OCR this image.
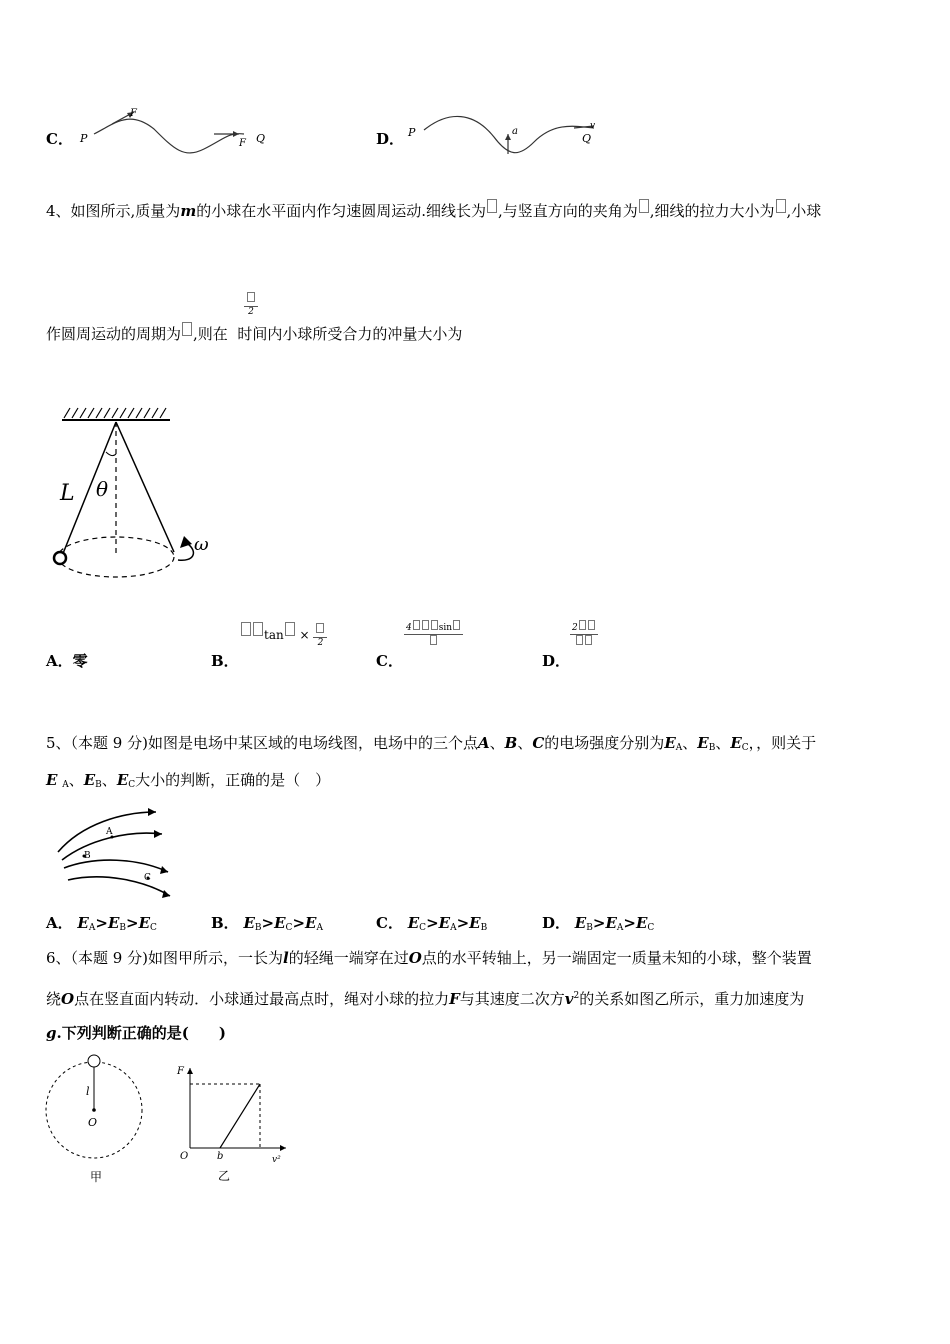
C． P
F
F Q	D． P	a	v
Q
4、如图所示,质量为m的小球在水平面内作匀速圆周运动.细线长为 ,与竖直方向的夹角为 ,细线的拉力大小为 ,小球
作圆周运动的周期为 ,则在 时间内小球所受合力的冲量大小为
2
L θ
ω
A．零	B．
tan ×
2
C．
4	sin
D．
2
5、（本题 9 分)如图是电场中某区域的电场线图，电场中的三个点A、B、C的电场强度分别为$E_A$、$E_B$、$E_C$，，则关于
E $_A$、$E_B$、$E_C$大小的判断，正确的是（　）
A
B
C
A． $E_A>E_B>E_C$	B． $E_B>E_C>E_A$	C． $E_C>E_A>E_B$	D． $E_B>E_A>E_C$
6、（本题 9 分)如图甲所示，一长为l的轻绳一端穿在过O点的水平转轴上，另一端固定一质量未知的小球，整个装置
绕O点在竖直面内转动．小球通过最高点时，绳对小球的拉力F与其速度二次方$v^2$的关系如图乙所示，重力加速度为
g.下列判断正确的是(　　)
l
O
甲
F
O	b	v²
乙
